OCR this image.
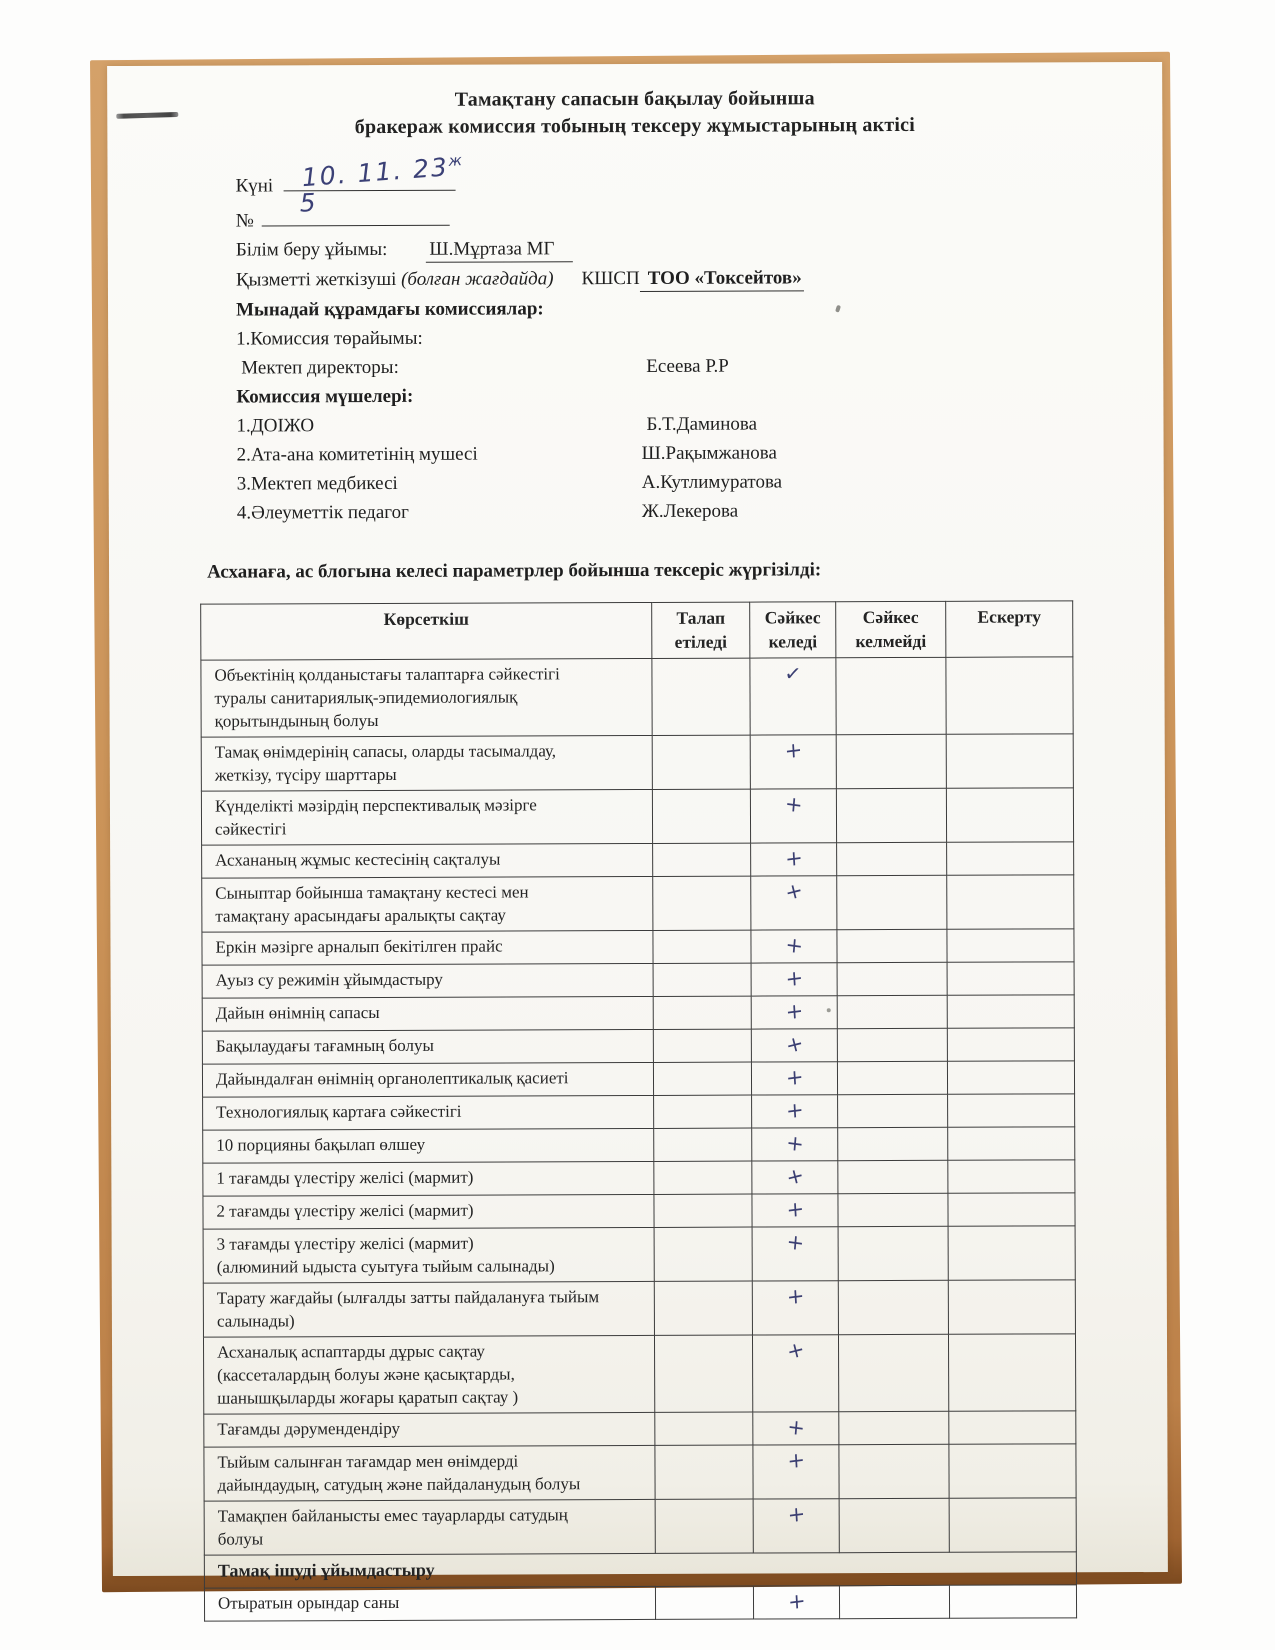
Тамақтану сапасын бақылау бойынша
бракераж комиссия тобының тексеру жұмыстарының актісі
Күні 10. 11. $23^ж$
№
5
Білім беру ұйымы: Ш.Мұртаза МГ
Қызметті жеткізуші (болған жағдайда) КШСП ТОО «Токсейтов»
Мынадай құрамдағы комиссиялар:
1.Комиссия төрайымы:
Мектеп директоры:	Есеева Р.Р
Комиссия мүшелері:
1.ДОІЖО	Б.Т.Даминова
2.Ата-ана комитетінің мушесі	Ш.Рақымжанова
3.Мектеп медбикесі	А.Кутлимуратова
4.Әлеуметтік педагог	Ж.Лекерова
Асханаға, ас блогына келесі параметрлер бойынша тексеріс жүргізілді:
Көрсеткіш	Талап етіледі	Сәйкес келеді	Сәйкес келмейді	Ескерту
Объектінің қолданыстағы талаптарға сәйкестігі туралы санитариялық-эпидемиологиялық қорытындының болуы		✓		
Тамақ өнімдерінің сапасы, оларды тасымалдау, жеткізу, түсіру шарттары		+		
Күнделікті мәзірдің перспективалық мәзірге сәйкестігі		+		
Асхананың жұмыс кестесінің сақталуы		+		
Сыныптар бойынша тамақтану кестесі мен тамақтану арасындағы аралықты сақтау		+		
Еркін мәзірге арналып бекітілген прайс		+		
Ауыз су режимін ұйымдастыру		+		
Дайын өнімнің сапасы		+		
Бақылаудағы тағамның болуы		+		
Дайындалған өнімнің органолептикалық қасиеті		+		
Технологиялық картаға сәйкестігі		+		
10 порцияны бақылап өлшеу		+		
1 тағамды үлестіру желісі (мармит)		+		
2 тағамды үлестіру желісі (мармит)		+		
3 тағамды үлестіру желісі (мармит)
(алюминий ыдыста суытуға тыйым салынады)		+		
Тарату жағдайы (ылғалды затты пайдалануға тыйым салынады)		+		
Асханалық аспаптарды дұрыс сақтау (кассеталардың болуы және қасықтарды, шанышқыларды жоғары қаратып сақтау )		+		
Тағамды дәрумендендіру		+		
Тыйым салынған тағамдар мен өнімдерді дайындаудың, сатудың және пайдаланудың болуы		+		
Тамақпен байланысты емес тауарларды сатудың болуы		+		
Тамақ ішуді ұйымдастыру				
Отыратын орындар саны		+		
